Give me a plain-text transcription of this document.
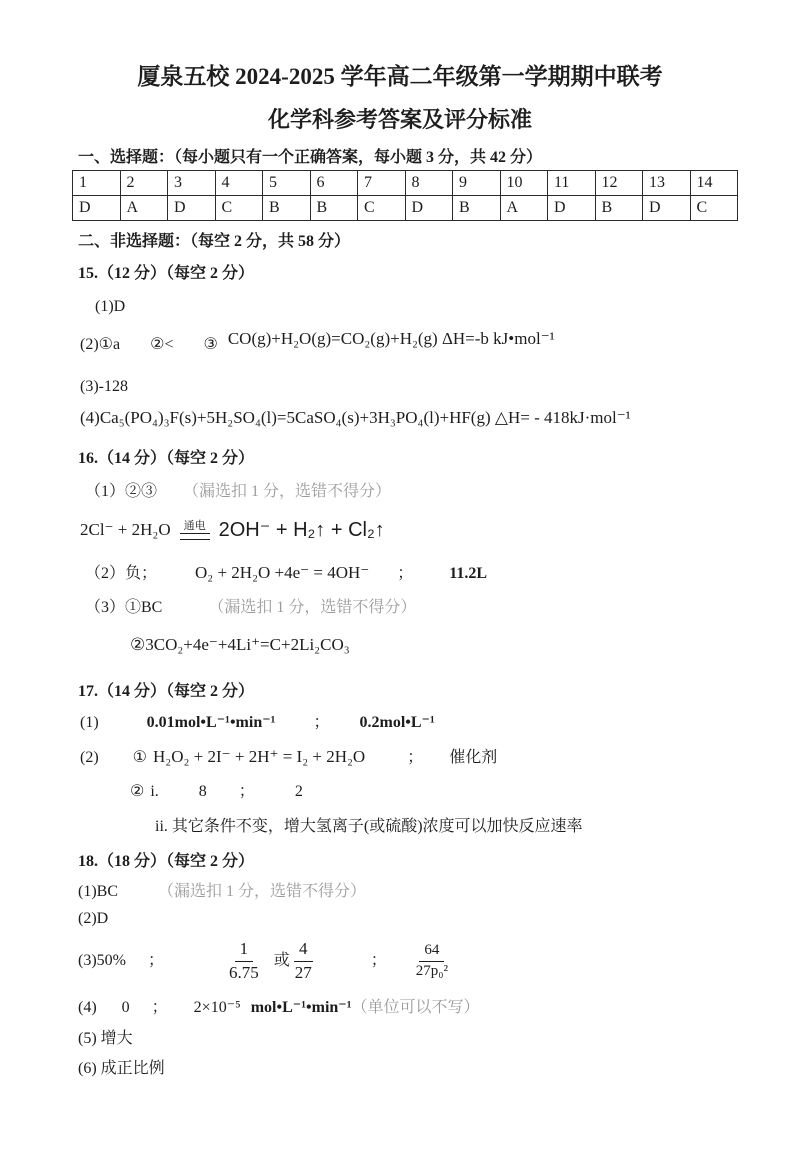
厦泉五校 2024-2025 学年高二年级第一学期期中联考
化学科参考答案及评分标准
一、选择题：（每小题只有一个正确答案，每小题 3 分，共 42 分）
1	2	3	4	5	6	7	8	9	10	11	12	13	14
D	A	D	C	B	B	C	D	B	A	D	B	D	C
二、非选择题：（每空 2 分，共 58 分）
15.（12 分）（每空 2 分）
(1)D
(2)①a ②< ③ CO(g)+H₂O(g)=CO₂(g)+H₂(g) ΔH=-b kJ•mol⁻¹
(3)-128
(4)Ca₅(PO₄)₃F(s)+5H₂SO₄(l)=5CaSO₄(s)+3H₃PO₄(l)+HF(g) △H= - 418kJ·mol⁻¹
16.（14 分）（每空 2 分）
（1）②③ （漏选扣 1 分，选错不得分）
2Cl⁻ + 2H₂O 通电 2OH⁻ + H₂↑ + Cl₂↑
（2）负； O₂ + 2H₂O +4e⁻ = 4OH⁻ ； 11.2L
（3）①BC	（漏选扣 1 分，选错不得分）
②3CO₂+4e⁻+4Li⁺=C+2Li₂CO₃
17.（14 分）（每空 2 分）
(1)	0.01mol•L⁻¹•min⁻¹ ； 0.2mol•L⁻¹
(2) ① H₂O₂ + 2I⁻ + 2H⁺ = I₂ + 2H₂O	； 催化剂
② i.	8 ；	2
ii. 其它条件不变，增大氢离子(或硫酸)浓度可以加快反应速率
18.（18 分）（每空 2 分）
(1)BC	（漏选扣 1 分，选错不得分）
(2)D
(3)50% ；	$\frac{1}{6.75}$ 或 $\frac{4}{27}$	； $\frac{64}{\text{27p₀²}}$
(4) 0 ； 2×10⁻⁵ mol•L⁻¹•min⁻¹ （单位可以不写）
(5) 增大
(6) 成正比例
